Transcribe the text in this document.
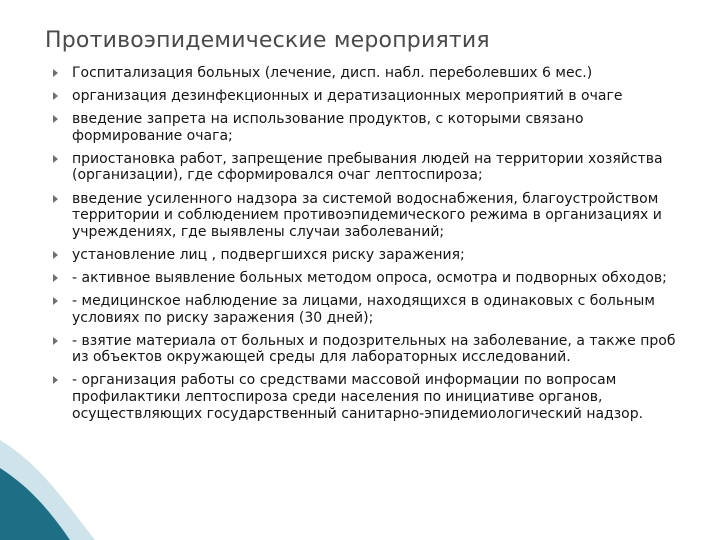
Противоэпидемические мероприятия
Госпитализация больных (лечение, дисп. набл. переболевших 6 мес.)
организация дезинфекционных и дератизационных мероприятий в очаге
введение запрета на использование продуктов, с которыми связано формирование очага;
приостановка работ, запрещение пребывания людей на территории хозяйства (организации), где сформировался очаг лептоспироза;
введение усиленного надзора за системой водоснабжения, благоустройством территории и соблюдением противоэпидемического режима в организациях и учреждениях, где выявлены случаи заболеваний;
установление лиц , подвергшихся риску заражения;
- активное выявление больных методом опроса, осмотра и подворных обходов;
- медицинское наблюдение за лицами, находящихся в одинаковых с больным условиях по риску заражения (30 дней);
- взятие материала от больных и подозрительных на заболевание, а также проб из объектов окружающей среды для лабораторных исследований.
- организация работы со средствами массовой информации по вопросам профилактики лептоспироза среди населения по инициативе органов, осуществляющих государственный санитарно-эпидемиологический надзор.
